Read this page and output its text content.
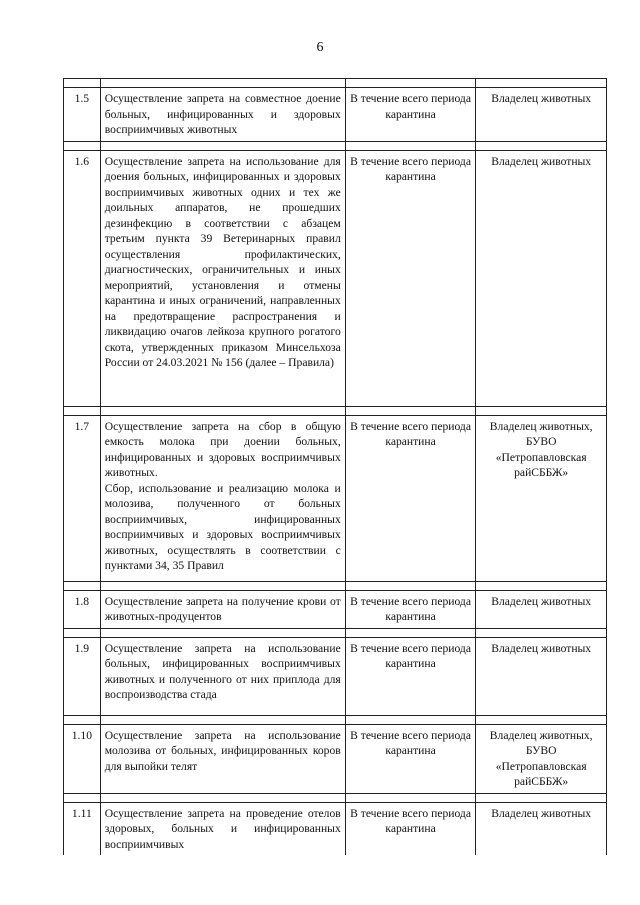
6

1.5	Осуществление запрета на совместное доение больных, инфицированных и здоровых восприимчивых животных	В течение всего периода карантина	Владелец животных

1.6	Осуществление запрета на использование для доения больных, инфицированных и здоровых восприимчивых животных одних и тех же доильных аппаратов, не прошедших дезинфекцию в соответствии с абзацем третьим пункта 39 Ветеринарных правил осуществления профилактических, диагностических, ограничительных и иных мероприятий, установления и отмены карантина и иных ограничений, направленных на предотвращение распространения и ликвидацию очагов лейкоза крупного рогатого скота, утвержденных приказом Минсельхоза России от 24.03.2021 № 156 (далее – Правила)	В течение всего периода карантина	Владелец животных

1.7	Осуществление запрета на сбор в общую емкость молока при доении больных, инфицированных и здоровых восприимчивых животных.
Сбор, использование и реализацию молока и молозива, полученного от больных восприимчивых, инфицированных восприимчивых и здоровых восприимчивых животных, осуществлять в соответствии с пунктами 34, 35 Правил	В течение всего периода карантина	Владелец животных, БУВО «Петропавловская райСББЖ»

1.8	Осуществление запрета на получение крови от животных-продуцентов	В течение всего периода карантина	Владелец животных

1.9	Осуществление запрета на использование больных, инфицированных восприимчивых животных и полученного от них приплода для воспроизводства стада	В течение всего периода карантина	Владелец животных

1.10	Осуществление запрета на использование молозива от больных, инфицированных коров для выпойки телят	В течение всего периода карантина	Владелец животных, БУВО «Петропавловская райСББЖ»

1.11	Осуществление запрета на проведение отелов здоровых, больных и инфицированных восприимчивых	В течение всего периода карантина	Владелец животных
